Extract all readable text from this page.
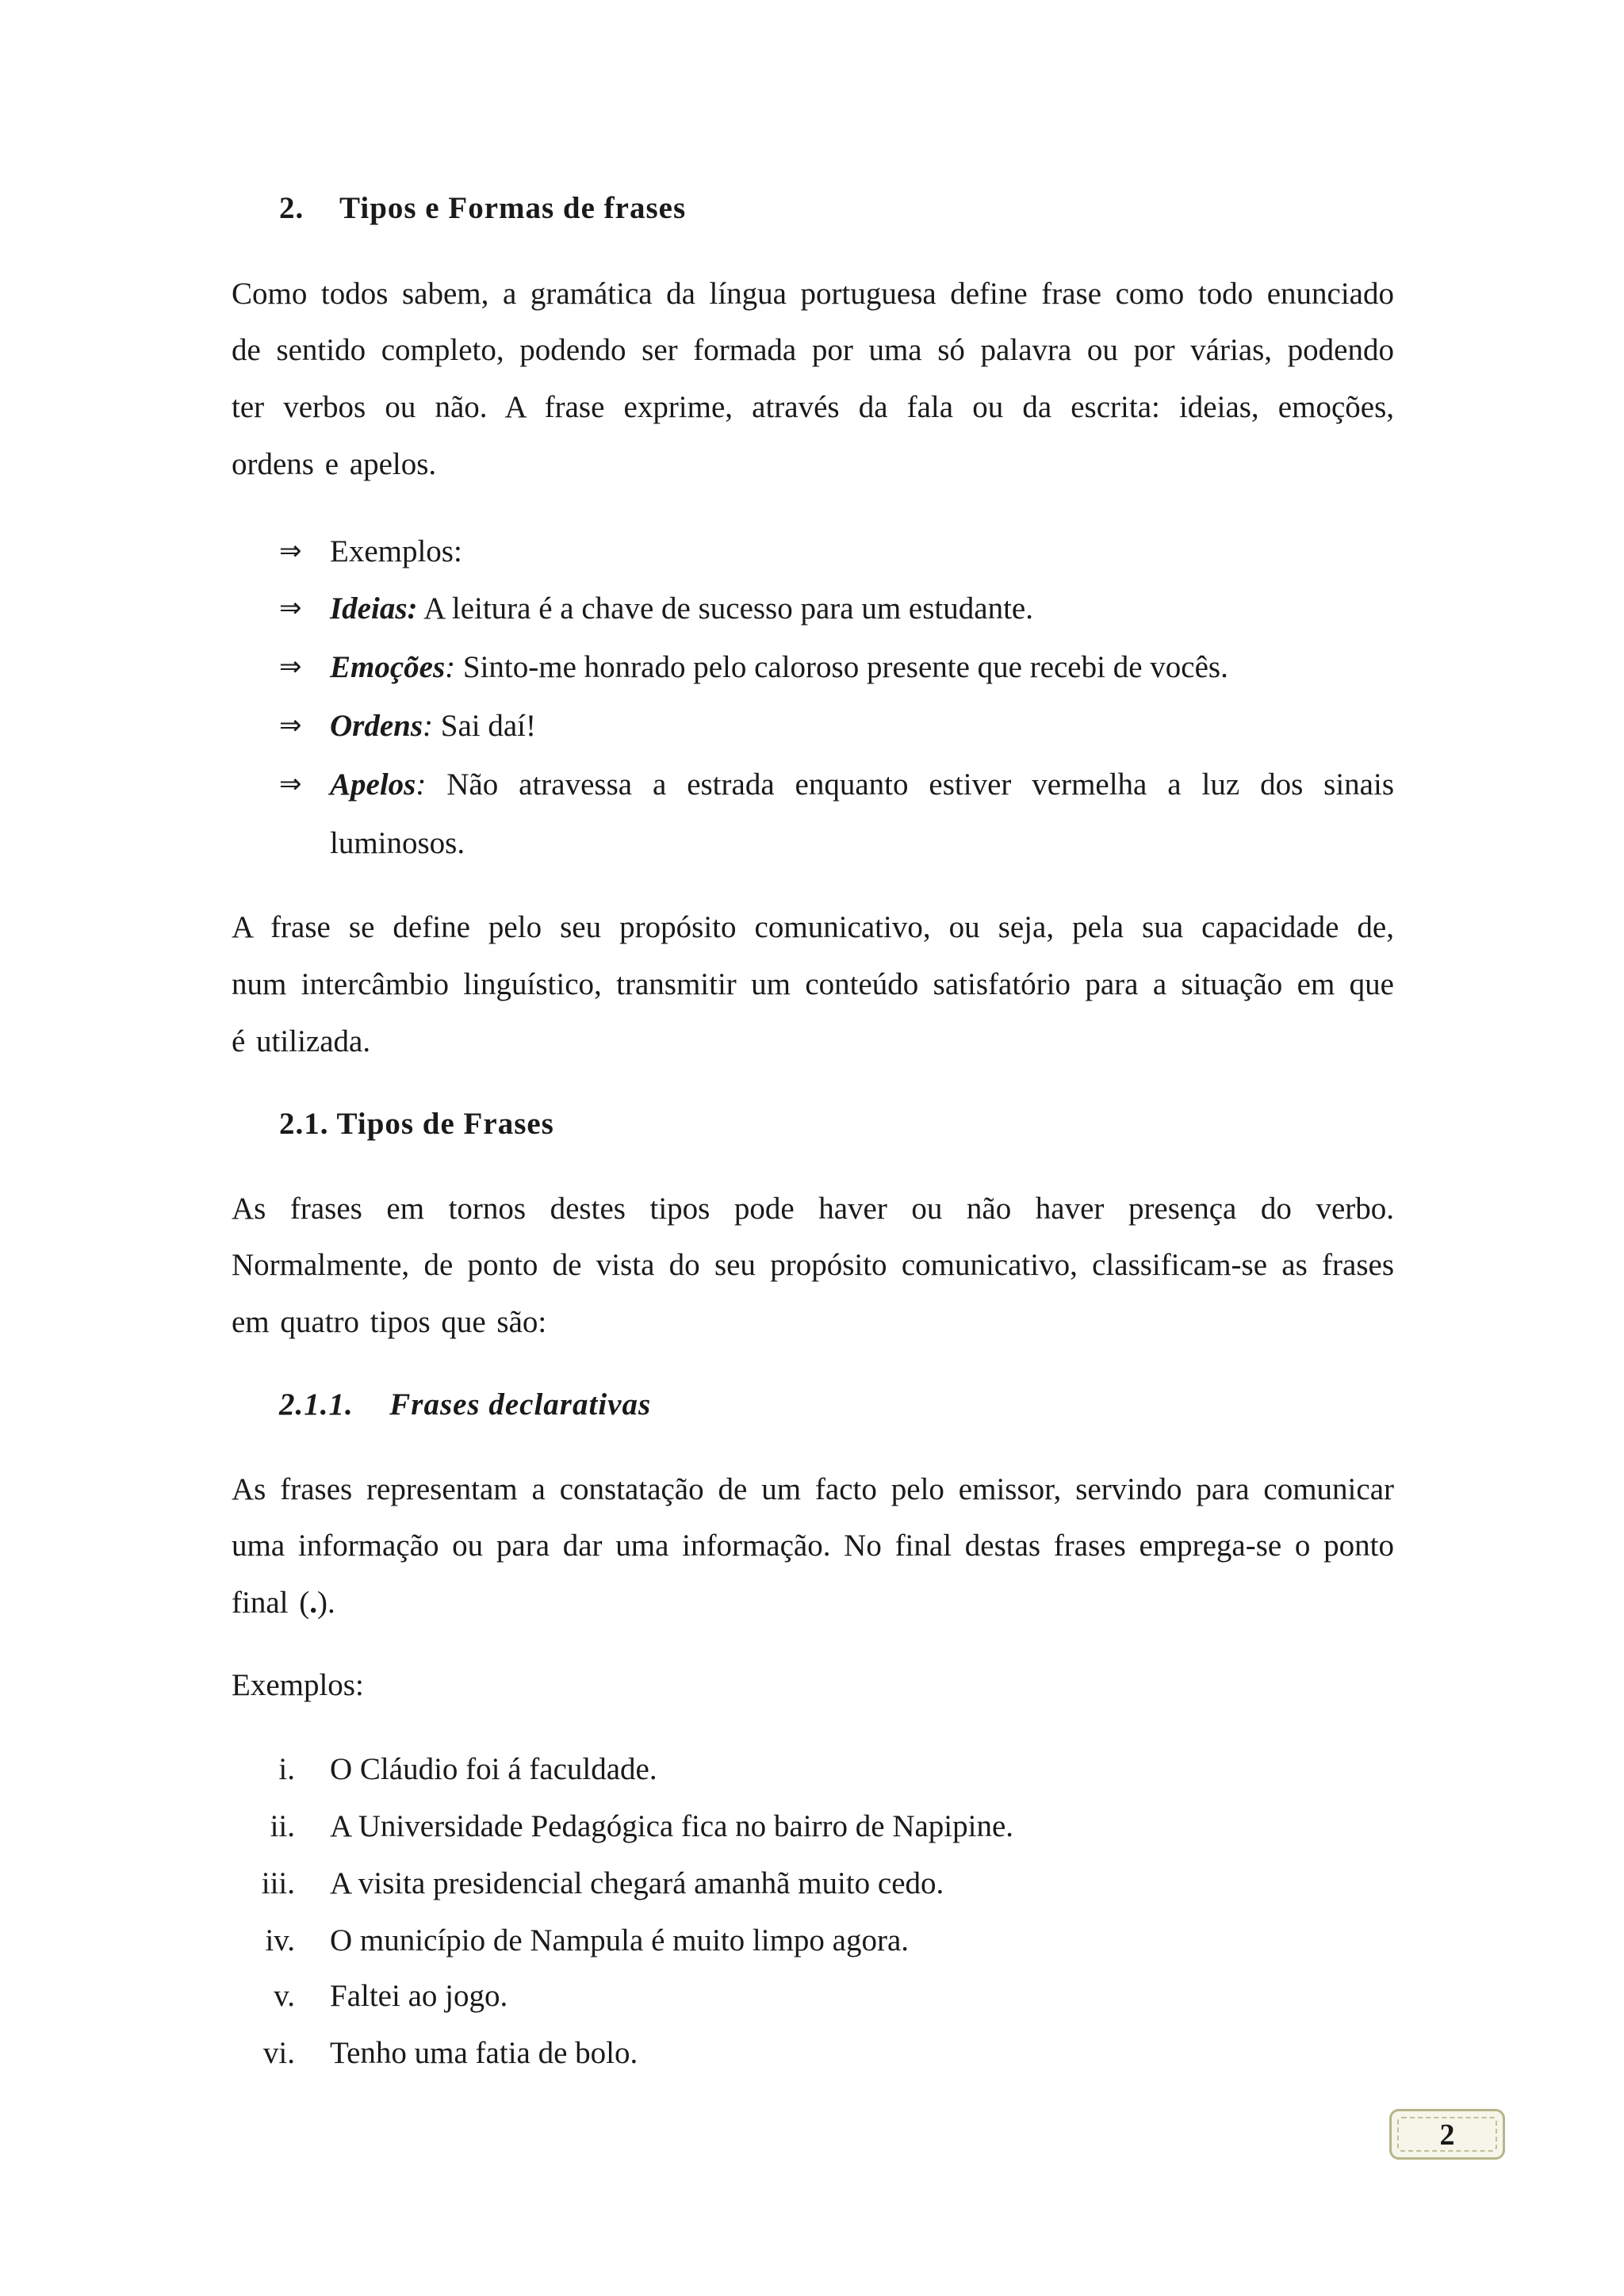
2. Tipos e Formas de frases
Como todos sabem, a gramática da língua portuguesa define frase como todo enunciado
de sentido completo, podendo ser formada por uma só palavra ou por várias, podendo
ter verbos ou não. A frase exprime, através da fala ou da escrita: ideias, emoções,
ordens e apelos.
⇒ Exemplos:
⇒ Ideias: A leitura é a chave de sucesso para um estudante.
⇒ Emoções: Sinto-me honrado pelo caloroso presente que recebi de vocês.
⇒ Ordens: Sai daí!
⇒ Apelos: Não atravessa a estrada enquanto estiver vermelha a luz dos sinais
luminosos.
A frase se define pelo seu propósito comunicativo, ou seja, pela sua capacidade de,
num intercâmbio linguístico, transmitir um conteúdo satisfatório para a situação em que
é utilizada.
2.1. Tipos de Frases
As frases em tornos destes tipos pode haver ou não haver presença do verbo.
Normalmente, de ponto de vista do seu propósito comunicativo, classificam-se as frases
em quatro tipos que são:
2.1.1. Frases declarativas
As frases representam a constatação de um facto pelo emissor, servindo para comunicar
uma informação ou para dar uma informação. No final destas frases emprega-se o ponto
final (.).
Exemplos:
i. O Cláudio foi á faculdade.
ii. A Universidade Pedagógica fica no bairro de Napipine.
iii. A visita presidencial chegará amanhã muito cedo.
iv. O município de Nampula é muito limpo agora.
v. Faltei ao jogo.
vi. Tenho uma fatia de bolo.
2
